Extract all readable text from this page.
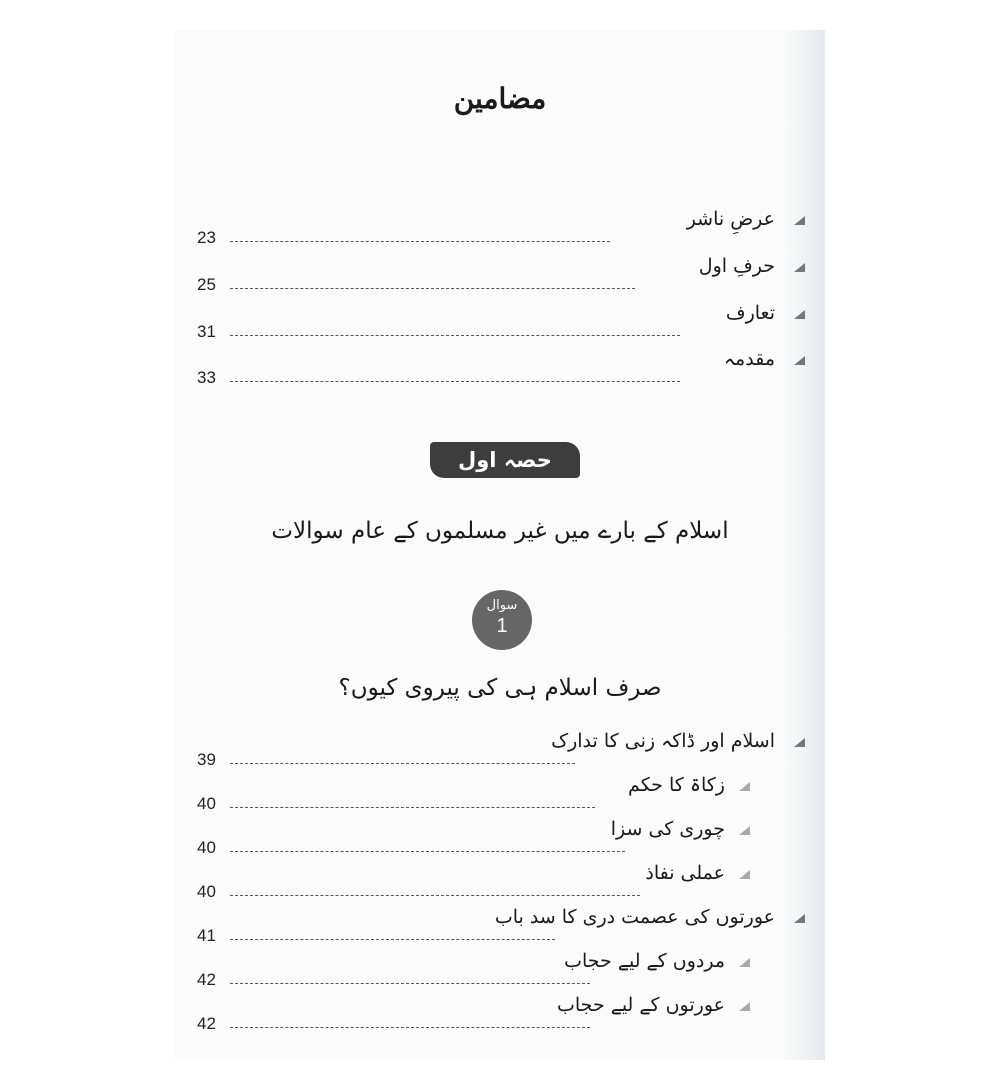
مضامین
23
عرضِ ناشر
25
حرفِ اول
31
تعارف
33
مقدمہ
حصہ اول
اسلام کے بارے میں غیر مسلموں کے عام سوالات
سوال
1
صرف اسلام ہی کی پیروی کیوں؟
39
اسلام اور ڈاکہ زنی کا تدارک
40
زکاۃ کا حکم
40
چوری کی سزا
40
عملی نفاذ
41
عورتوں کی عصمت دری کا سد باب
42
مردوں کے لیے حجاب
42
عورتوں کے لیے حجاب
